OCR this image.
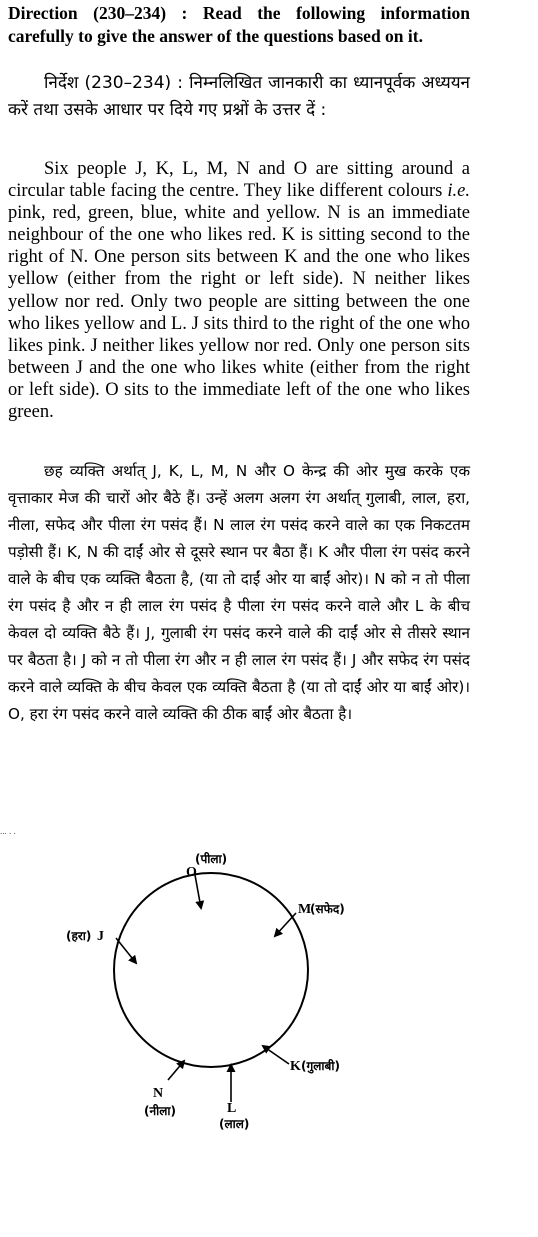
Direction (230–234) : Read the following information carefully to give the answer of the questions based on it.
निर्देश (230–234) : निम्नलिखित जानकारी का ध्यानपूर्वक अध्ययन करें तथा उसके आधार पर दिये गए प्रश्नों के उत्तर दें :
Six people J, K, L, M, N and O are sitting around a circular table facing the centre. They like different colours i.e. pink, red, green, blue, white and yellow. N is an immediate neighbour of the one who likes red. K is sitting second to the right of N. One person sits between K and the one who likes yellow (either from the right or left side). N neither likes yellow nor red. Only two people are sitting between the one who likes yellow and L. J sits third to the right of the one who likes pink. J neither likes yellow nor red. Only one person sits between J and the one who likes white (either from the right or left side). O sits to the immediate left of the one who likes green.
छह व्यक्ति अर्थात् J, K, L, M, N और O केन्द्र की ओर मुख करके एक वृत्ताकार मेज की चारों ओर बैठे हैं। उन्हें अलग अलग रंग अर्थात् गुलाबी, लाल, हरा, नीला, सफेद और पीला रंग पसंद हैं। N लाल रंग पसंद करने वाले का एक निकटतम पड़ोसी हैं। K, N की दाईं ओर से दूसरे स्थान पर बैठा हैं। K और पीला रंग पसंद करने वाले के बीच एक व्यक्ति बैठता है, (या तो दाईं ओर या बाईं ओर)। N को न तो पीला रंग पसंद है और न ही लाल रंग पसंद है पीला रंग पसंद करने वाले और L के बीच केवल दो व्यक्ति बैठे हैं। J, गुलाबी रंग पसंद करने वाले की दाईं ओर से तीसरे स्थान पर बैठता है। J को न तो पीला रंग और न ही लाल रंग पसंद हैं। J और सफेद रंग पसंद करने वाले व्यक्ति के बीच केवल एक व्यक्ति बैठता है (या तो दाईं ओर या बाईं ओर)। O, हरा रंग पसंद करने वाले व्यक्ति की ठीक बाईं ओर बैठता है।
... . .
O
(पीला)
M
(सफेद)
K (गुलाबी)
L
(लाल)
N
(नीला)
(हरा) J
